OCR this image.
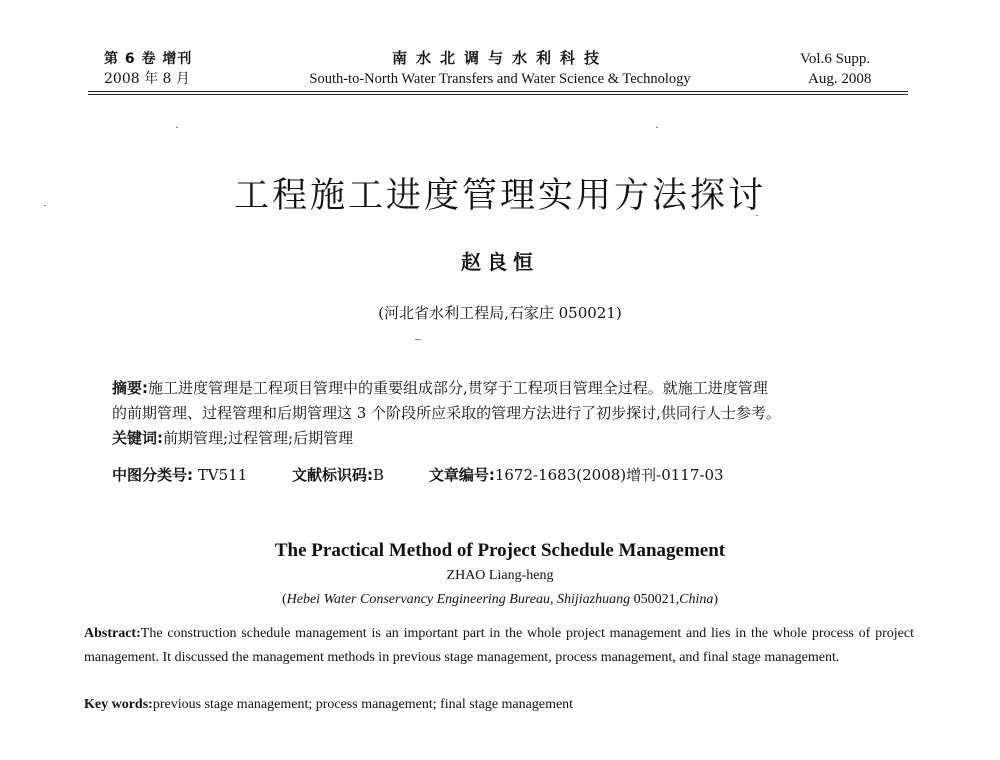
第 6 卷 增刊
2008 年 8 月
南水北调与水利科技
South-to-North Water Transfers and Water Science & Technology
Vol.6 Supp.
Aug. 2008
工程施工进度管理实用方法探讨
赵良恒
(河北省水利工程局,石家庄 050021)
摘要:施工进度管理是工程项目管理中的重要组成部分,贯穿于工程项目管理全过程。就施工进度管理
的前期管理、过程管理和后期管理这 3 个阶段所应采取的管理方法进行了初步探讨,供同行人士参考。
关键词:前期管理;过程管理;后期管理
中图分类号: TV511	文献标识码:B	文章编号:1672-1683(2008)增刊-0117-03
The Practical Method of Project Schedule Management
ZHAO Liang-heng
(Hebei Water Conservancy Engineering Bureau, Shijiazhuang 050021,China)
Abstract:The construction schedule management is an important part in the whole project management and lies in the whole process of project management. It discussed the management methods in previous stage management, process management, and final stage management.
Key words:previous stage management; process management; final stage management
